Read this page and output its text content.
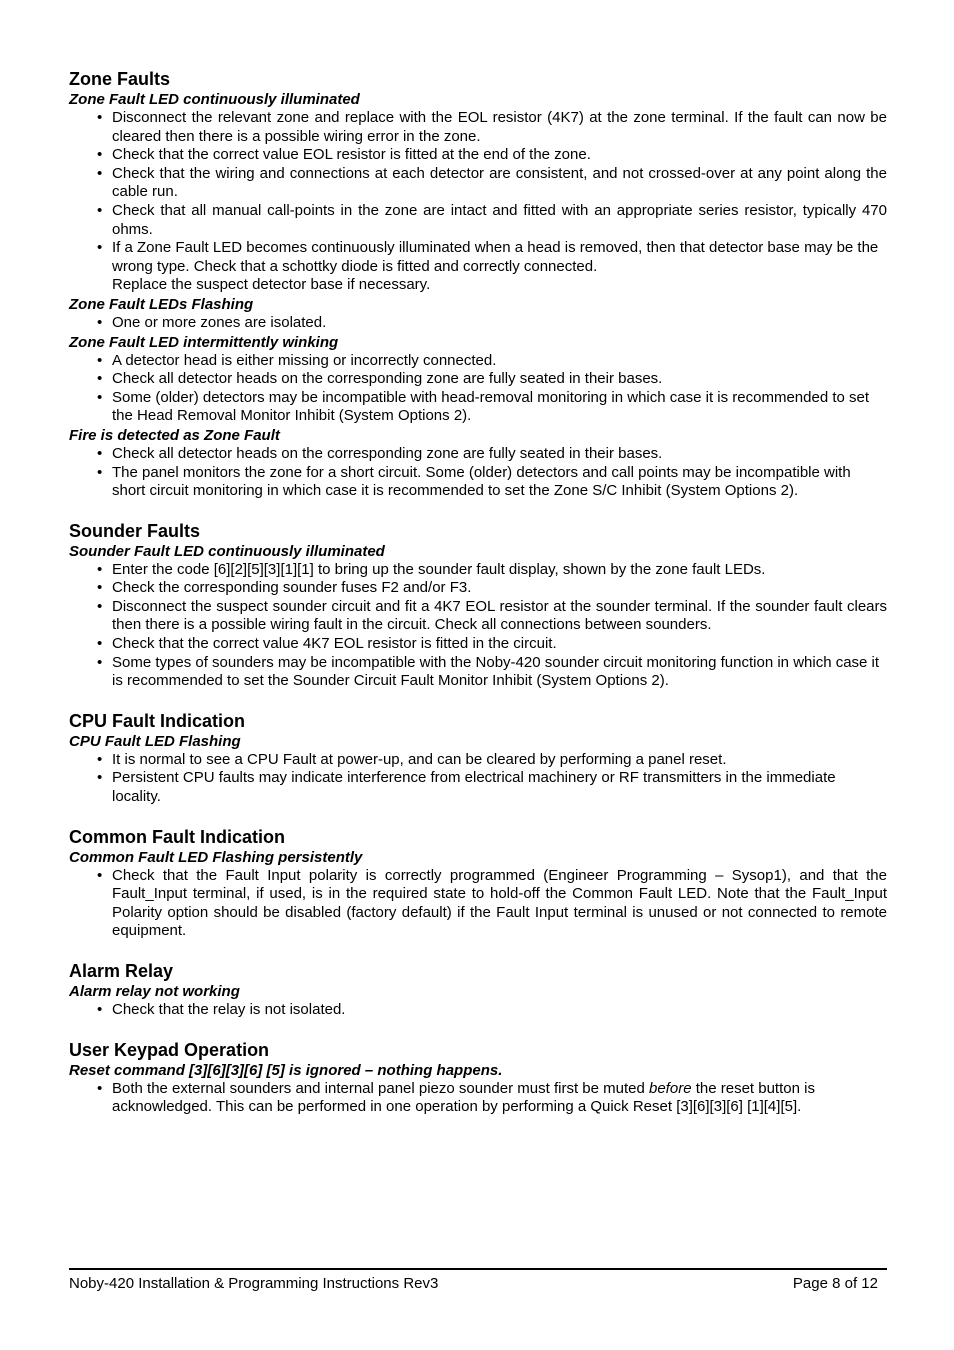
Zone Faults

Zone Fault LED continuously illuminated

• Disconnect the relevant zone and replace with the EOL resistor (4K7) at the zone terminal. If the fault can now be cleared then there is a possible wiring error in the zone.
• Check that the correct value EOL resistor is fitted at the end of the zone.
• Check that the wiring and connections at each detector are consistent, and not crossed-over at any point along the cable run.
• Check that all manual call-points in the zone are intact and fitted with an appropriate series resistor, typically 470 ohms.
• If a Zone Fault LED becomes continuously illuminated when a head is removed, then that detector base may be the wrong type. Check that a schottky diode is fitted and correctly connected.
Replace the suspect detector base if necessary.

Zone Fault LEDs Flashing

• One or more zones are isolated.

Zone Fault LED intermittently winking

• A detector head is either missing or incorrectly connected.
• Check all detector heads on the corresponding zone are fully seated in their bases.
• Some (older) detectors may be incompatible with head-removal monitoring in which case it is recommended to set the Head Removal Monitor Inhibit (System Options 2).

Fire is detected as Zone Fault

• Check all detector heads on the corresponding zone are fully seated in their bases.
• The panel monitors the zone for a short circuit. Some (older) detectors and call points may be incompatible with short circuit monitoring in which case it is recommended to set the Zone S/C Inhibit (System Options 2).
Sounder Faults

Sounder Fault LED continuously illuminated

• Enter the code [6][2][5][3][1][1] to bring up the sounder fault display, shown by the zone fault LEDs.
• Check the corresponding sounder fuses F2 and/or F3.
• Disconnect the suspect sounder circuit and fit a 4K7 EOL resistor at the sounder terminal. If the sounder fault clears then there is a possible wiring fault in the circuit. Check all connections between sounders.
• Check that the correct value 4K7 EOL resistor is fitted in the circuit.
• Some types of sounders may be incompatible with the Noby-420 sounder circuit monitoring function in which case it is recommended to set the Sounder Circuit Fault Monitor Inhibit (System Options 2).
CPU Fault Indication

CPU Fault LED Flashing

• It is normal to see a CPU Fault at power-up, and can be cleared by performing a panel reset.
• Persistent CPU faults may indicate interference from electrical machinery or RF transmitters in the immediate locality.
Common Fault Indication

Common Fault LED Flashing persistently

• Check that the Fault Input polarity is correctly programmed (Engineer Programming – Sysop1), and that the Fault_Input terminal, if used, is in the required state to hold-off the Common Fault LED. Note that the Fault_Input Polarity option should be disabled (factory default) if the Fault Input terminal is unused or not connected to remote equipment.
Alarm Relay

Alarm relay not working

• Check that the relay is not isolated.
User Keypad Operation

Reset command [3][6][3][6] [5] is ignored – nothing happens.

• Both the external sounders and internal panel piezo sounder must first be muted before the reset button is acknowledged. This can be performed in one operation by performing a Quick Reset [3][6][3][6] [1][4][5].
Noby-420 Installation & Programming Instructions Rev3	Page 8 of 12
